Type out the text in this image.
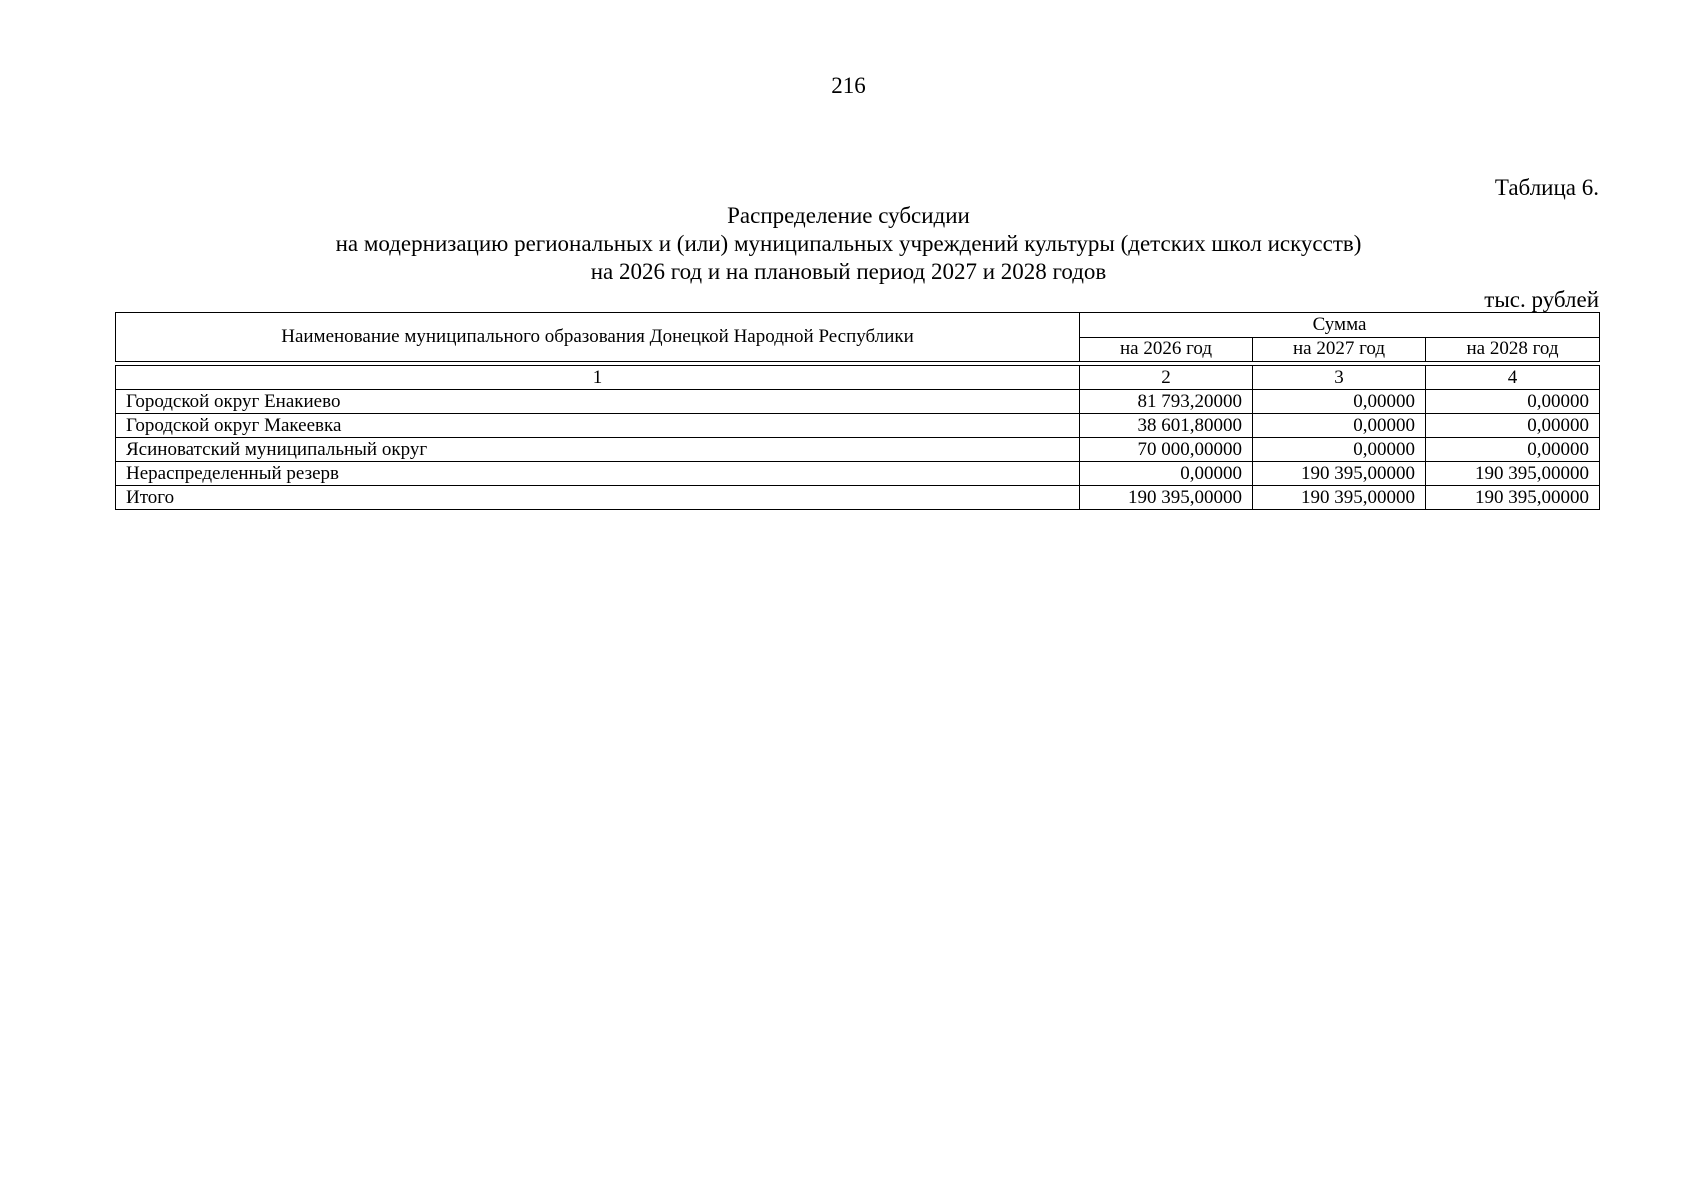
216
Таблица 6.
Распределение субсидии
на модернизацию региональных и (или) муниципальных учреждений культуры (детских школ искусств)
на 2026 год и на плановый период 2027 и 2028 годов
тыс. рублей
Наименование муниципального образования Донецкой Народной Республики	Сумма		
	на 2026 год	на 2027 год	на 2028 год

1	2	3	4
Городской округ Енакиево	81 793,20000	0,00000	0,00000
Городской округ Макеевка	38 601,80000	0,00000	0,00000
Ясиноватский муниципальный округ	70 000,00000	0,00000	0,00000
Нераспределенный резерв	0,00000	190 395,00000	190 395,00000
Итого	190 395,00000	190 395,00000	190 395,00000
